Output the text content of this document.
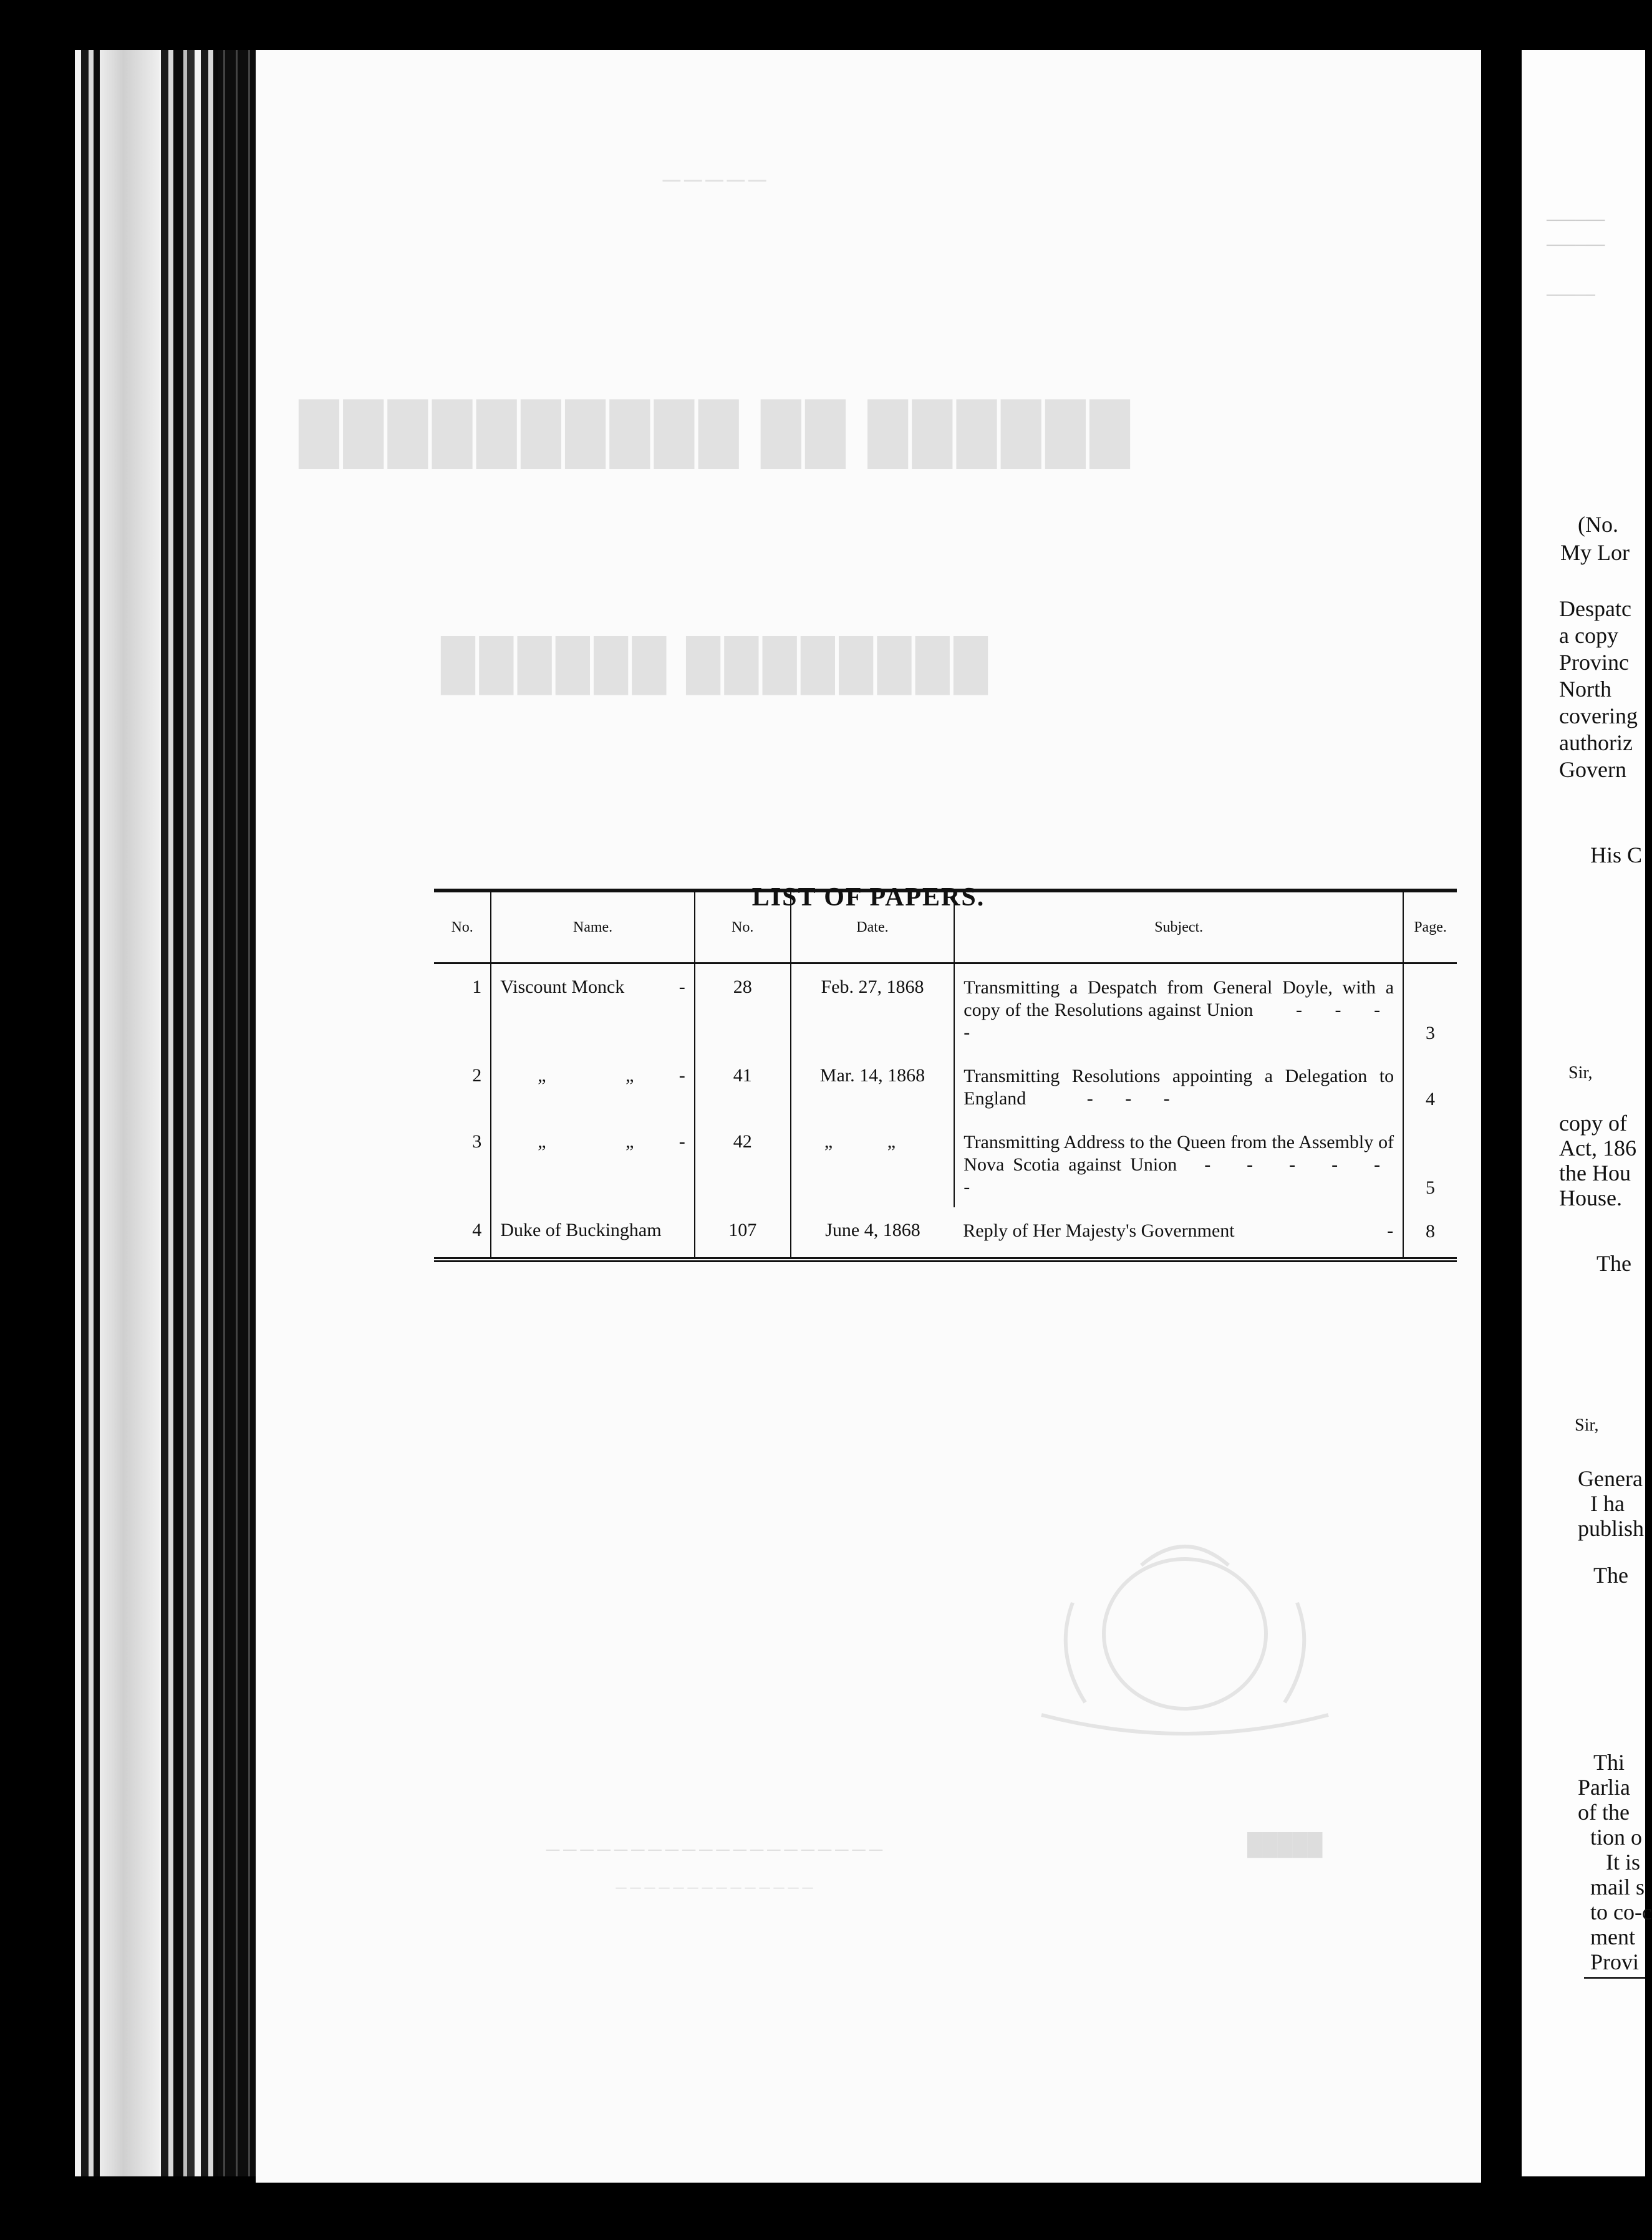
─────
██████ ██ ██████████
████████ ██████
────────────────────
──────────────
LIST OF PAPERS.
█████
No.	Name.	No.	Date.	Subject.	Page.
1	Viscount Monck -	28	Feb. 27, 1868	Transmitting a Despatch from General Doyle, with a copy of the Resolutions against Union - - - -	3
2	„ „ -	41	Mar. 14, 1868	Transmitting Resolutions appointing a Delegation to England - - -	4
3	„ „ -	42	„ „	Transmitting Address to the Queen from the Assembly of Nova Scotia against Union - - - - - -	5
4	Duke of Buckingham	107	June 4, 1868	Reply of Her Majesty's Government	- 8
──────
──────
─────
(No.
My Lor
Despatc
a copy
Provinc
North
covering
authoriz
Govern
His C
Sir,
copy of
Act, 186
the Hou
House.
The
Sir,
Genera
I ha
publish
The
Thi
Parlia
of the
tion o
It is
mail s
to co-c
ment
Provi
